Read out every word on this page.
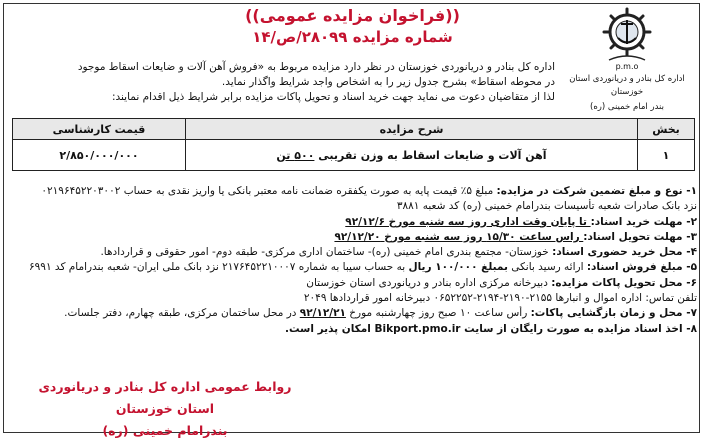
p.m.o
اداره کل بنادر و دریانوردی استان خوزستان
بندر امام خمینی (ره)
((فراخوان مزایده عمومی))
شماره مزایده ۲۸۰۹۹/ص/۱۴
اداره کل بنادر و دریانوردی خوزستان در نظر دارد مزایده مربوط به «فروش آهن آلات و ضایعات اسقاط موجود
در محوطه اسقاط» بشرح جدول زیر را به اشخاص واجد شرایط واگذار نماید.
لذا از متقاضیان دعوت می نماید جهت خرید اسناد و تحویل پاکات مزایده برابر شرایط ذیل اقدام نمایند:
بخش	شرح مزایده	قیمت کارشناسی
۱	آهن آلات و ضایعات اسقاط به وزن تقریبی ۵۰۰ تن	۲/۸۵۰/۰۰۰/۰۰۰

۱- نوع و مبلغ تضمین شرکت در مزایده: مبلغ ۵٪ قیمت پایه به صورت یکفقره ضمانت نامه معتبر بانکی یا واریز نقدی به حساب ۰۲۱۹۶۴۵۲۲۰۳۰۰۲

نزد بانک صادرات شعبه تأسیسات بندرامام خمینی (ره) کد شعبه ۳۸۸۱

۲- مهلت خرید اسناد: تا پایان وقت اداری روز سه شنبه مورخ ۹۲/۱۲/۶

۳- مهلت تحویل اسناد: راس ساعت ۱۵/۳۰ روز سه شنبه مورخ ۹۲/۱۲/۲۰

۴- محل خرید حضوری اسناد: خوزستان- مجتمع بندری امام خمینی (ره)- ساختمان اداری مرکزی- طبقه دوم- امور حقوقی و قراردادها.

۵- مبلغ فروش اسناد: ارائه رسید بانکی بمبلغ ۱۰۰/۰۰۰ ریال به حساب سیبا به شماره ۲۱۷۶۴۵۲۲۱۰۰۰۷ نزد بانک ملی ایران- شعبه بندرامام کد ۶۹۹۱

۶- محل تحویل پاکات مزایده: دبیرخانه مرکزی اداره بنادر و دریانوردی استان خوزستان

تلفن تماس: اداره اموال و انبارها ۲۱۵۵-۲۱۹۰-۲۱۹۴-۰۶۵۲۲۵۲ دبیرخانه امور قراردادها ۲۰۴۹

۷- محل و زمان بازگشایی پاکات: رأس ساعت ۱۰ صبح روز چهارشنبه مورخ ۹۲/۱۲/۲۱ در محل ساختمان مرکزی، طبقه چهارم، دفتر جلسات.

۸- اخذ اسناد مزایده به صورت رایگان از سایت Bikport.pmo.ir امکان پذیر است.

روابط عمومی اداره کل بنادر و دریانوردی استان خوزستان
بندرامام خمینی (ره)
